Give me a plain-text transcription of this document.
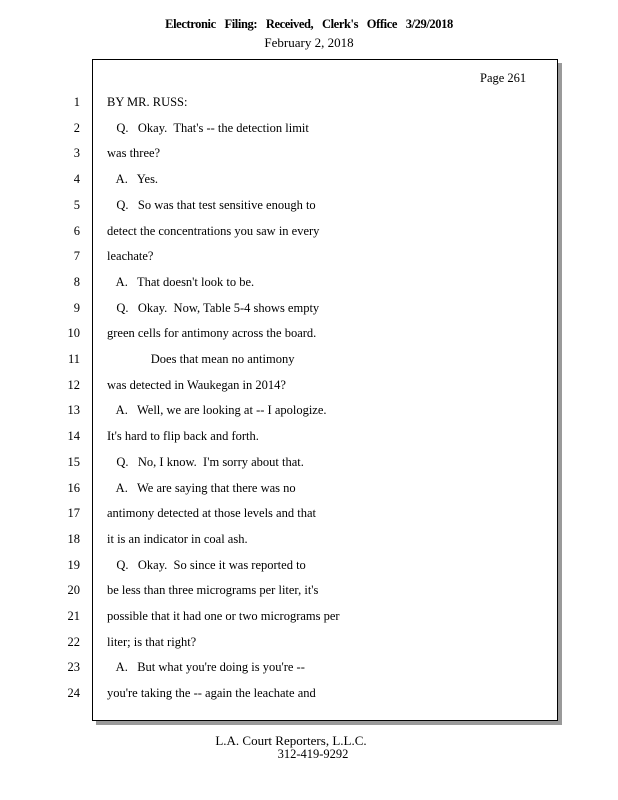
Electronic Filing: Received, Clerk's Office 3/29/2018
February 2, 2018
Page 261
1 BY MR. RUSS:
2 Q.   Okay.  That's -- the detection limit
3 was three?
4 A.   Yes.
5 Q.   So was that test sensitive enough to
6 detect the concentrations you saw in every
7 leachate?
8 A.   That doesn't look to be.
9 Q.   Okay.  Now, Table 5-4 shows empty
10 green cells for antimony across the board.
11 Does that mean no antimony
12 was detected in Waukegan in 2014?
13 A.   Well, we are looking at -- I apologize.
14 It's hard to flip back and forth.
15 Q.   No, I know.  I'm sorry about that.
16 A.   We are saying that there was no
17 antimony detected at those levels and that
18 it is an indicator in coal ash.
19 Q.   Okay.  So since it was reported to
20 be less than three micrograms per liter, it's
21 possible that it had one or two micrograms per
22 liter; is that right?
23 A.   But what you're doing is you're --
24 you're taking the -- again the leachate and
L.A. Court Reporters, L.L.C.
312-419-9292
